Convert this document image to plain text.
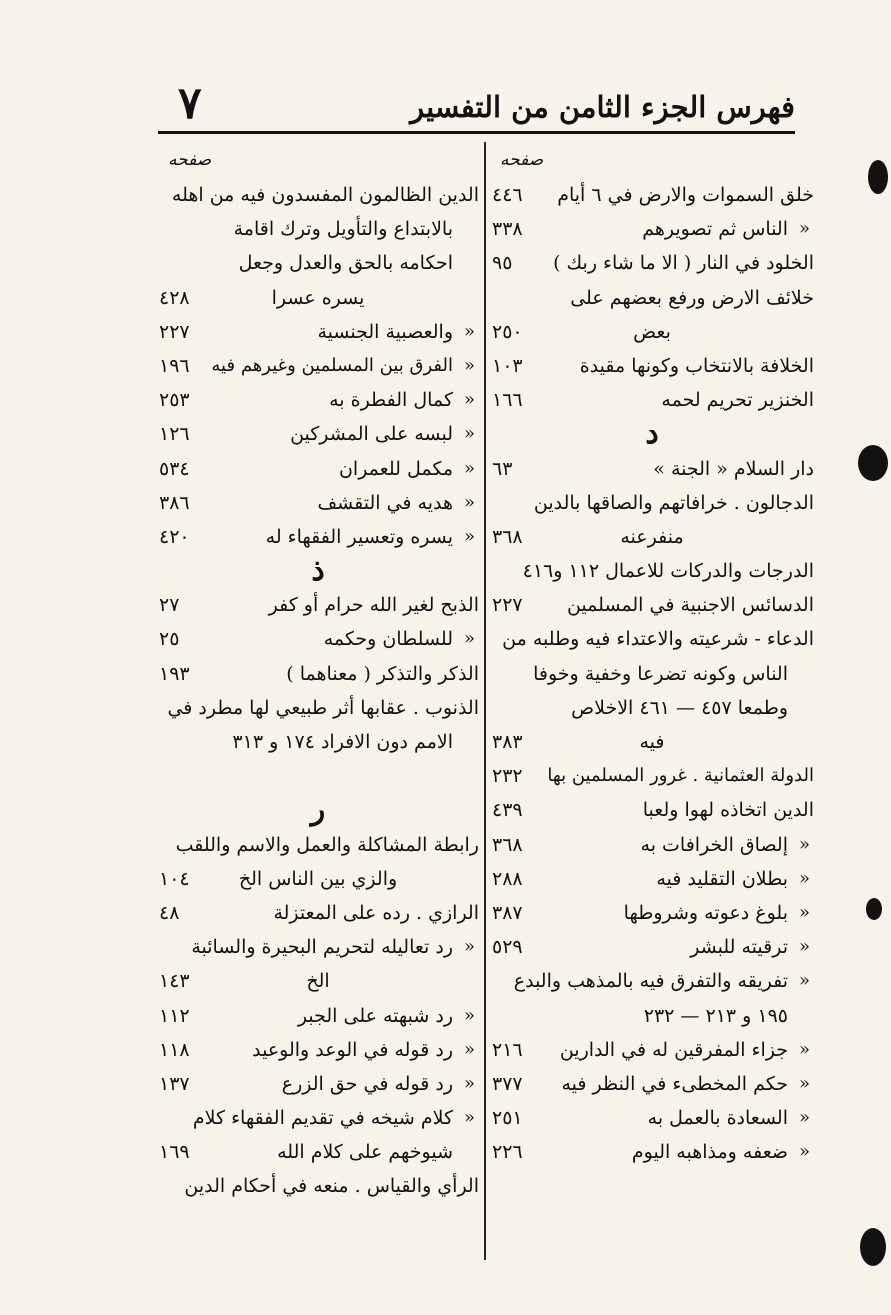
٧	فهرس الجزء الثامن من التفسير
صفحه
صفحه
خلق السموات والارض في ٦ أيام
٤٤٦
«
الناس ثم تصويرهم
٣٣٨
الخلود في النار ( الا ما شاء ربك )
٩٥
خلائف الارض ورفع بعضهم على
بعض
٢٥٠
الخلافة بالانتخاب وكونها مقيدة
١٠٣
الخنزير تحريم لحمه
١٦٦
د
دار السلام « الجنة »
٦٣
الدجالون . خرافاتهم والصاقها بالدين
منفرعنه
٣٦٨
الدرجات والدركات للاعمال ١١٢ و٤١٦
الدسائس الاجنبية في المسلمين
٢٢٧
الدعاء - شرعيته والاعتداء فيه وطلبه من
الناس وكونه تضرعا وخفية وخوفا
وطمعا ٤٥٧ — ٤٦١ الاخلاص
فيه
٣٨٣
الدولة العثمانية . غرور المسلمين بها
٢٣٢
الدين اتخاذه لهوا ولعبا
٤٣٩
«
إلصاق الخرافات به
٣٦٨
«
بطلان التقليد فيه
٢٨٨
«
بلوغ دعوته وشروطها
٣٨٧
«
ترقيته للبشر
٥٢٩
«
تفريقه والتفرق فيه بالمذهب والبدع
١٩٥ و ٢١٣ — ٢٣٢
«
جزاء المفرقين له في الدارين
٢١٦
«
حكم المخطىء في النظر فيه
٣٧٧
«
السعادة بالعمل به
٢٥١
«
ضعفه ومذاهبه اليوم
٢٢٦
الدين الظالمون المفسدون فيه من اهله
بالابتداع والتأويل وترك اقامة
احكامه بالحق والعدل وجعل
يسره عسرا
٤٢٨
«
والعصبية الجنسية
٢٢٧
«
الفرق بين المسلمين وغيرهم فيه
١٩٦
«
كمال الفطرة به
٢٥٣
«
لبسه على المشركين
١٢٦
«
مكمل للعمران
٥٣٤
«
هديه في التقشف
٣٨٦
«
يسره وتعسير الفقهاء له
٤٢٠
ذ
الذبح لغير الله حرام أو كفر
٢٧
«
للسلطان وحكمه
٢٥
الذكر والتذكر ( معناهما )
١٩٣
الذنوب . عقابها أثر طبيعي لها مطرد في
الامم دون الافراد ١٧٤ و ٣١٣
ر
رابطة المشاكلة والعمل والاسم واللقب
والزي بين الناس الخ
١٠٤
الرازي . رده على المعتزلة
٤٨
«
رد تعاليله لتحريم البحيرة والسائبة
الخ
١٤٣
«
رد شبهته على الجبر
١١٢
«
رد قوله في الوعد والوعيد
١١٨
«
رد قوله في حق الزرع
١٣٧
«
كلام شيخه في تقديم الفقهاء كلام
شيوخهم على كلام الله
١٦٩
الرأي والقياس . منعه في أحكام الدين
